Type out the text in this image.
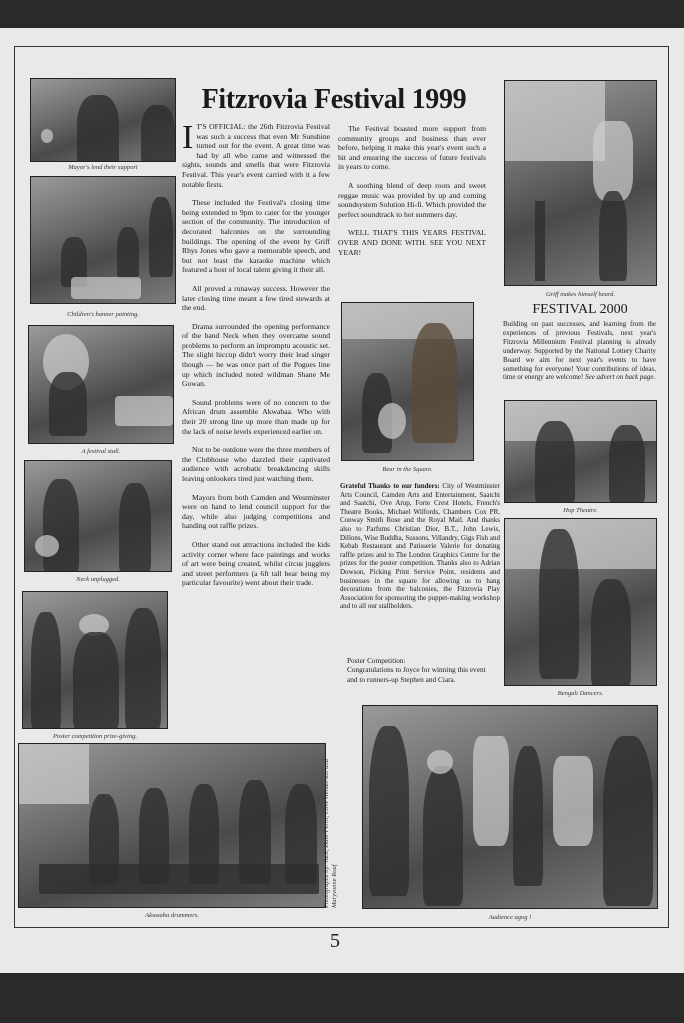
Fitzrovia Festival 1999
Mayor's lend their support
Children's banner painting.
A festival stall.
Neck unplugged.
Poster competition prize-giving.
Akwaaba drummers.

I T'S OFFICIAL: the 26th Fitzrovia Festival was such a success that even Mr Sunshine turned out for the event. A great time was had by all who came and witnessed the sights, sounds and smells that were Fitzrovia Festival. This year's event carried with it a few notable firsts.

These included the Festival's closing time being extended to 9pm to cater for the younger section of the community. The introduction of decorated balconies on the surrounding buildings. The opening of the event by Griff Rhys Jones who gave a memorable speech, and but not least the karaoke machine which featured a host of local talent giving it their all.

All proved a runaway success. However the later closing time meant a few tired stewards at the end.

Drama surrounded the opening performance of the band Neck when they overcame sound problems to perform an impromptu acoustic set. The slight hiccup didn't worry their lead singer though — he was once part of the Pogues line up which included noted wildman Shane Me Gowan.

Sound problems were of no concern to the African drum assemble Akwabaa. Who with their 20 strong line up more than made up for the lack of noise levels experienced earlier on.

Not to be outdone were the three members of the Clubhouse who dazzled their captivated audience with acrobatic breakdancing skills leaving onlookers tired just watching them.

Mayors from both Camden and Westminster were on hand to lend council support for the day, while also judging competitions and handing out raffle prizes.

Other stand out attractions included the kids activity corner where face paintings and works of art were being created, whilst circus jugglers and street performers (a 6ft tall bear being my particular favourite) went about their trade.

The Festival boasted more support from community groups and business than ever before, helping it make this year's event such a hit and ensuring the success of future festivals in years to come.

A soothing blend of deep roots and sweet reggae music was provided by up and coming soundsystem Solution Hi-fi. Which provided the perfect soundtrack to hot summers day.

WELL THAT'S THIS YEARS FESTIVAL OVER AND DONE WITH. SEE YOU NEXT YEAR!

Bear in the Square.
Grateful Thanks to our funders: City of Westminster Arts Council, Camden Arts and Entertainment, Saatchi and Saatchi, Ove Arup, Forte Crest Hotels, French's Theatre Books, Michael Wilfords, Chambers Cox PR, Conway Smith Rose and the Royal Mail. And thanks also to Parfums Christian Dior, B.T., John Lewis, Dillons, Wise Buddha, Sussons, Villandry, Gigs Fish and Kebab Restaurant and Patisserie Valerie for donating raffle prizes and to The London Graphics Centre for the prizes for the poster competition. Thanks also to Adrian Dowson, Picking Print Service Point, residents and businesses in the square for allowing us to hang decorations from the balconies, the Fitzrovia Play Association for sponsoring the puppet-making workshop and to all our stallholders.
Poster Competition:
Congratulations to Joyce for winning this event and to runners-up Stephen and Ciara.
Audience agog !
Griff makes himself heard.
FESTIVAL 2000
Building on past successes, and learning from the experiences of previous Festivals, next year's Fitzrovia Millennium Festival planning is already underway. Supported by the National Lottery Charity Board we aim for next year's events to have something for everyone! Your contributions of ideas, time or energy are welcome! See advert on back page.
Hop Theatre.
Bengali Dancers.
Photographs by: Jack, Dave Ferro, Clive Henderson and Maryvonne Rouf
5
